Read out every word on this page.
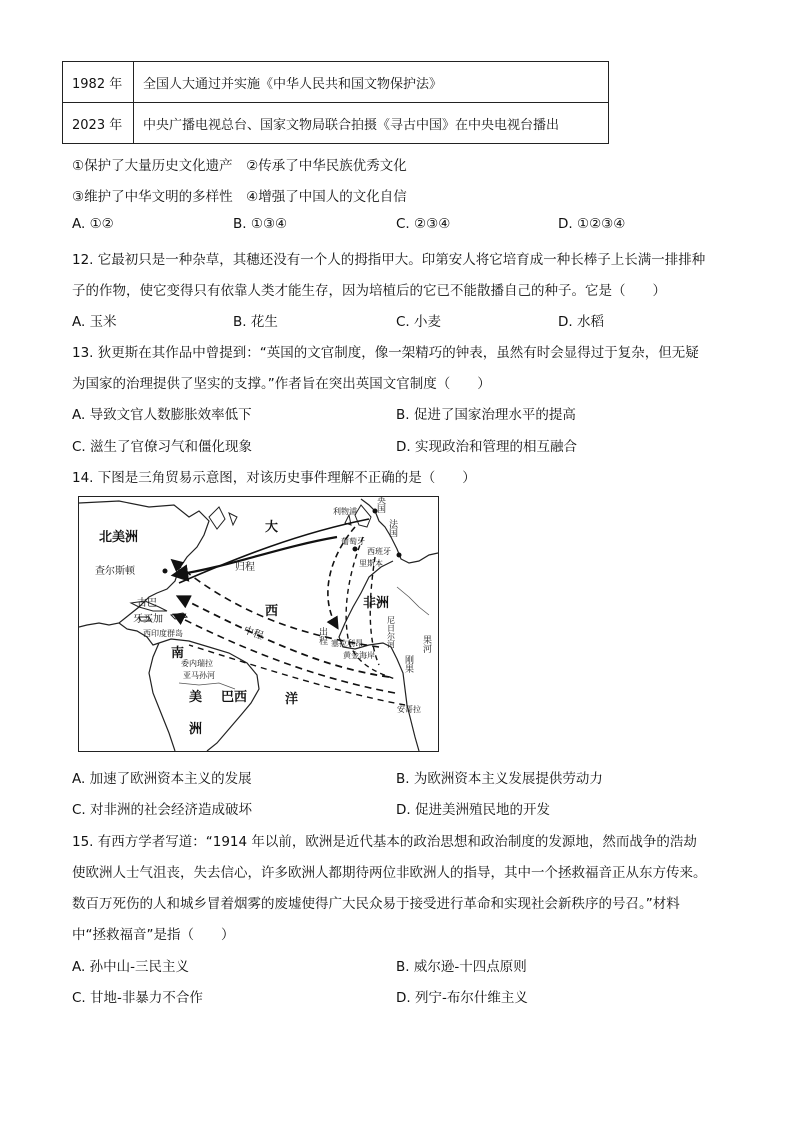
1982 年	全国人大通过并实施《中华人民共和国文物保护法》
2023 年	中央广播电视总台、国家文物局联合拍摄《寻古中国》在中央电视台播出
①保护了大量历史文化遗产　②传承了中华民族优秀文化
③维护了中华文明的多样性　④增强了中国人的文化自信
A. ①②	B. ①③④	C. ②③④	D. ①②③④
12. 它最初只是一种杂草，其穗还没有一个人的拇指甲大。印第安人将它培育成一种长棒子上长满一排排种
子的作物，使它变得只有依靠人类才能生存，因为培植后的它已不能散播自己的种子。它是（　　）
A. 玉米	B. 花生	C. 小麦	D. 水稻
13. 狄更斯在其作品中曾提到：“英国的文官制度，像一架精巧的钟表，虽然有时会显得过于复杂，但无疑
为国家的治理提供了坚实的支撑。”作者旨在突出英国文官制度（　　）
A. 导致文官人数膨胀效率低下	B. 促进了国家治理水平的提高
C. 滋生了官僚习气和僵化现象	D. 实现政治和管理的相互融合
14. 下图是三角贸易示意图，对该历史事件理解不正确的是（　　）
北美洲
大
西
洋
非洲
南
美
洲
巴西
查尔斯顿	归程
中程	出程
古巴
牙买加
西印度群岛
委内瑞拉
亚马孙河
利物浦
英国
法国
葡萄牙
西班牙
里斯本
塞拉利昂
黄金海岸
尼日尔河	果河
刚果
安哥拉
A. 加速了欧洲资本主义的发展	B. 为欧洲资本主义发展提供劳动力
C. 对非洲的社会经济造成破坏	D. 促进美洲殖民地的开发
15. 有西方学者写道：“1914 年以前，欧洲是近代基本的政治思想和政治制度的发源地，然而战争的浩劫
使欧洲人士气沮丧，失去信心，许多欧洲人都期待两位非欧洲人的指导，其中一个拯救福音正从东方传来。
数百万死伤的人和城乡冒着烟雾的废墟使得广大民众易于接受进行革命和实现社会新秩序的号召。”材料
中“拯救福音”是指（　　）
A. 孙中山-三民主义	B. 威尔逊-十四点原则
C. 甘地-非暴力不合作	D. 列宁-布尔什维主义
